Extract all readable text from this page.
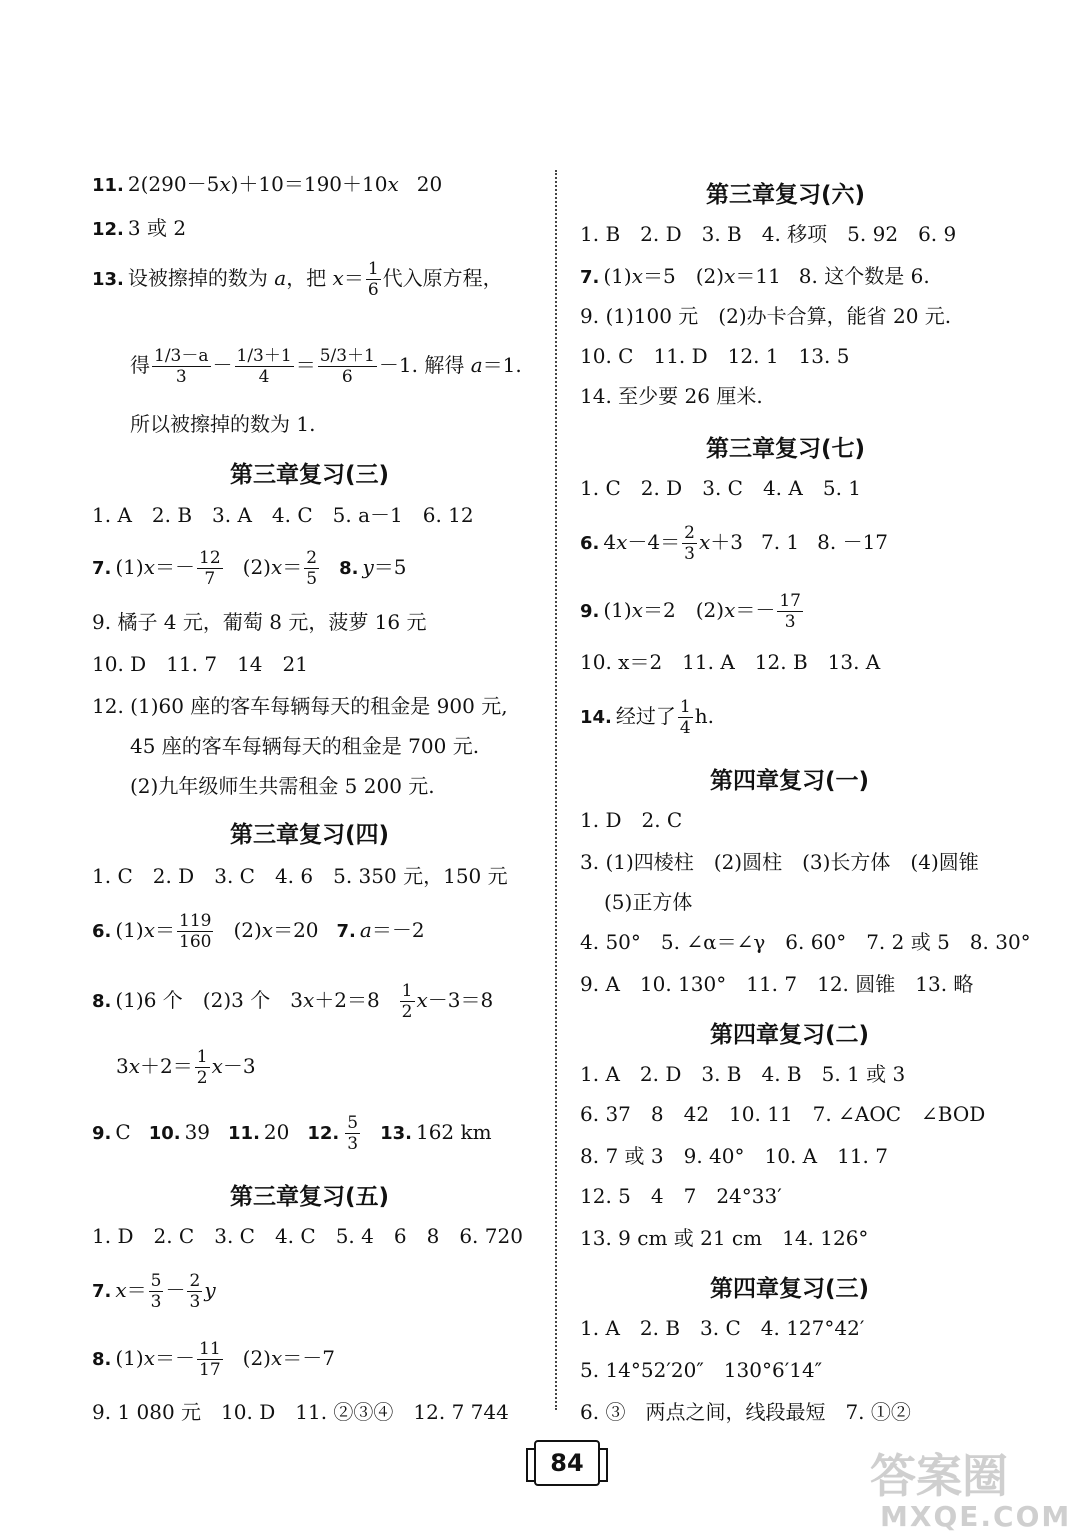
11. 2(290－5x)＋10＝190＋10x 20
12. 3 或 2
13. 设被擦掉的数为 a，把 $x= \frac{1}{6}$ 代入原方程，
得 $\frac{1/3-a}{3} - \frac{1/3+1}{4} = \frac{5/3+1}{6} -1$. 解得 a＝1.
所以被擦掉的数为 1.
第三章复习(三)
1. A　2. B　3. A　4. C　5. a－1　6. 12
7. $(1)x=- \frac{12}{7} (2)x= \frac{2}{5} 8$. y＝5
9. 橘子 4 元，葡萄 8 元，菠萝 16 元
10. D　11. 7　14　21
12. (1)60 座的客车每辆每天的租金是 900 元,
45 座的客车每辆每天的租金是 700 元.
(2)九年级师生共需租金 5 200 元.
第三章复习(四)
1. C　2. D　3. C　4. 6　5. 350 元，150 元
6. $(1)x= \frac{119}{160} (2)x=20$ 7. a＝－2
8. (1)6 个　(2)3 个　$3x+2=8 \frac{1}{2} x-3=8$
$3x+2= \frac{1}{2} x-3$
9. C 10. 39 11. 20 12. $\frac{5}{3} 13$. 162 km
第三章复习(五)
1. D　2. C　3. C　4. C　5. 4　6　8　6. 720
7. $x= \frac{5}{3} - \frac{2}{3}$ y
8. $(1)x=- \frac{11}{17} (2)x=-7$
9. 1 080 元　10. D　11. ②③④　12. 7 744
第三章复习(六)
1. B　2. D　3. B　4. 移项　5. 92　6. 9
7. (1)x＝5　(2)x＝11 8. 这个数是 6.
9. (1)100 元　(2)办卡合算，能省 20 元.
10. C　11. D　12. 1　13. 5
14. 至少要 26 厘米.
第三章复习(七)
1. C　2. D　3. C　4. A　5. 1
6. $4x-4= \frac{2}{3} x+3$ 7. 1 8. －17
9. (1)x＝2　$(2)x=- \frac{17}{3}$
10. x＝2　11. A　12. B　13. A
14. 经过了 $\frac{1}{4} h$.
第四章复习(一)
1. D　2. C
3. (1)四棱柱　(2)圆柱　(3)长方体　(4)圆锥
(5)正方体
4. 50°　5. ∠α＝∠γ　6. 60°　7. 2 或 5　8. 30°
9. A　10. 130°　11. 7　12. 圆锥　13. 略
第四章复习(二)
1. A　2. D　3. B　4. B　5. 1 或 3
6. 37　8　42　10. 11　7. ∠AOC　∠BOD
8. 7 或 3　9. 40°　10. A　11. 7
12. 5　4　7　24°33′
13. 9 cm 或 21 cm　14. 126°
第四章复习(三)
1. A　2. B　3. C　4. 127°42′
5. 14°52′20″　130°6′14″
6. ③　两点之间，线段最短　7. ①②
84	答案圈
MXQE.COM
